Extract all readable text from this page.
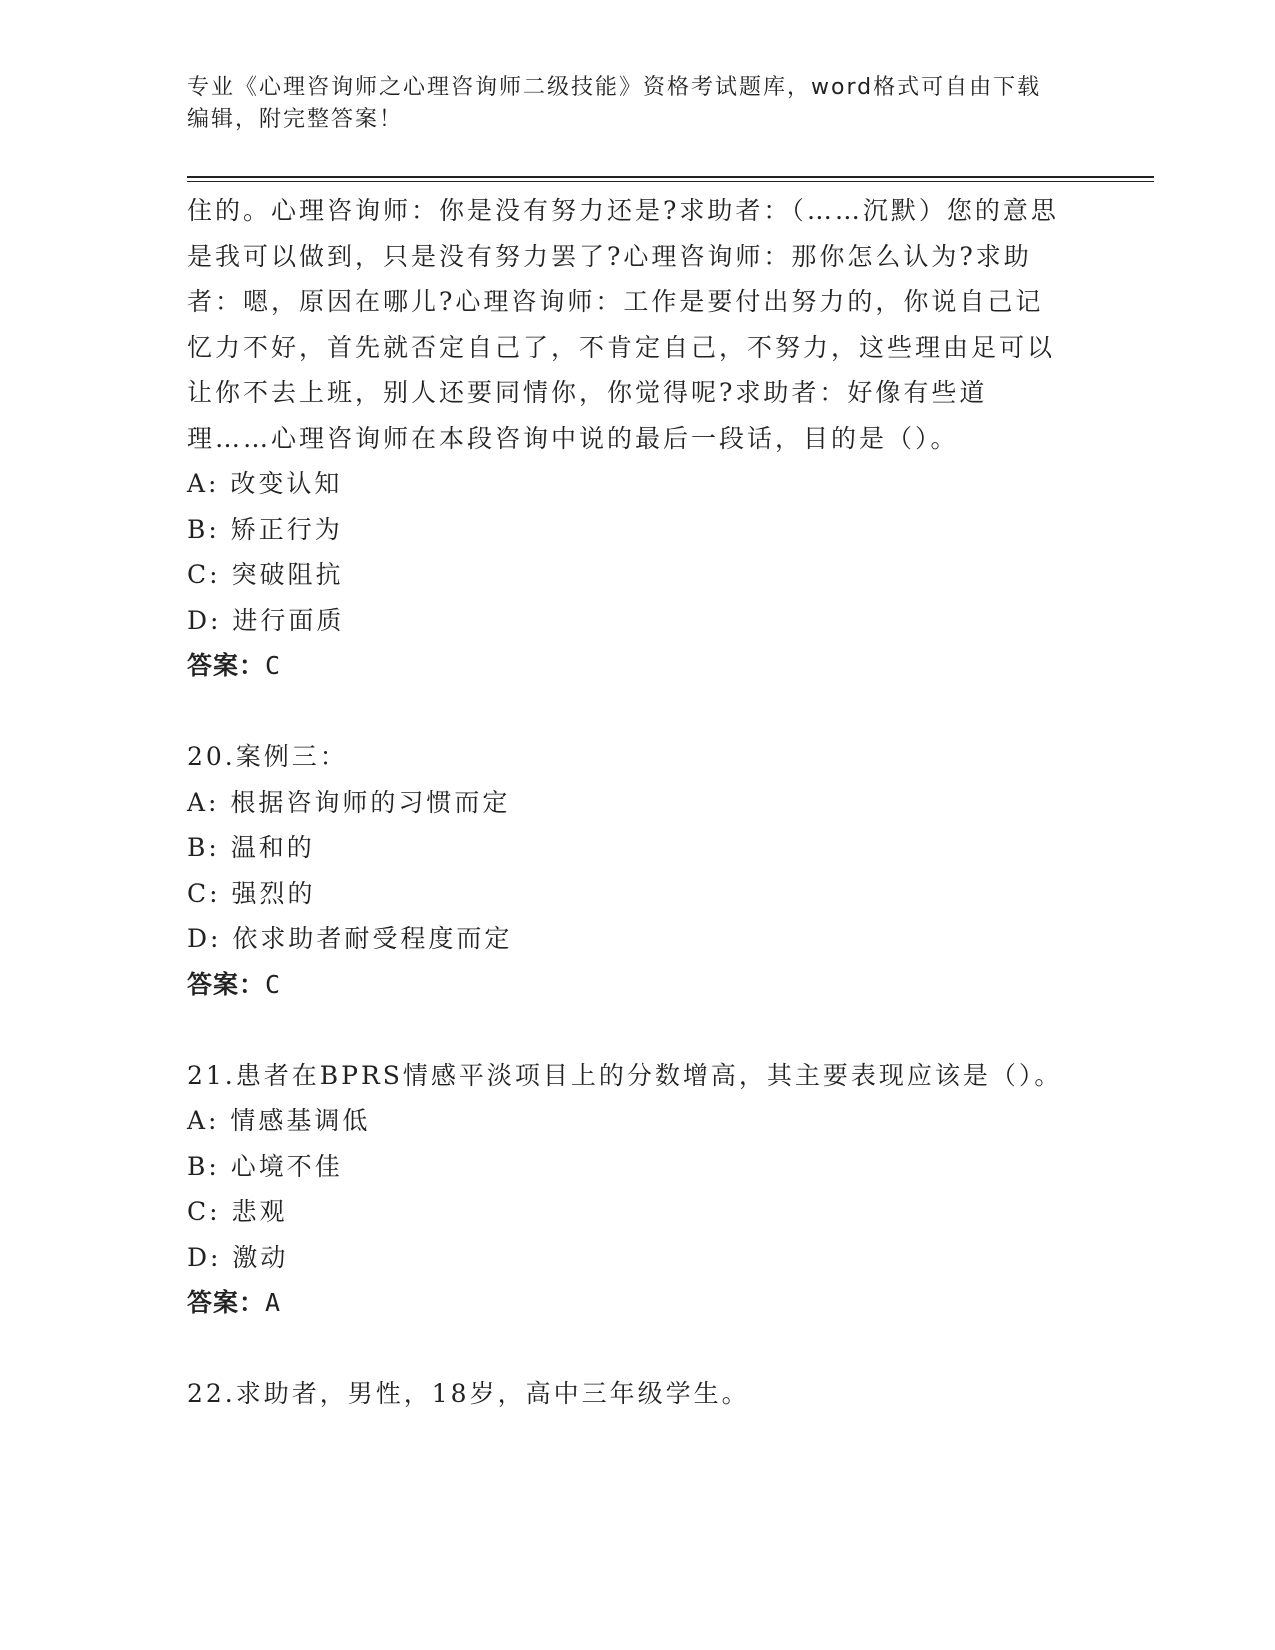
专业《心理咨询师之心理咨询师二级技能》资格考试题库，word格式可自由下载
编辑，附完整答案！
住的。心理咨询师：你是没有努力还是?求助者：（……沉默）您的意思是我可以做到，只是没有努力罢了?心理咨询师：那你怎么认为?求助者：嗯，原因在哪儿?心理咨询师：工作是要付出努力的，你说自己记忆力不好，首先就否定自己了，不肯定自己，不努力，这些理由足可以让你不去上班，别人还要同情你，你觉得呢?求助者：好像有些道理……心理咨询师在本段咨询中说的最后一段话，目的是（）。
A: 改变认知
B: 矫正行为
C: 突破阻抗
D: 进行面质
答案：C
20.案例三：
A: 根据咨询师的习惯而定
B: 温和的
C: 强烈的
D: 依求助者耐受程度而定
答案：C
21.患者在BPRS情感平淡项目上的分数增高，其主要表现应该是（）。
A: 情感基调低
B: 心境不佳
C: 悲观
D: 激动
答案：A
22.求助者，男性，18岁，高中三年级学生。
